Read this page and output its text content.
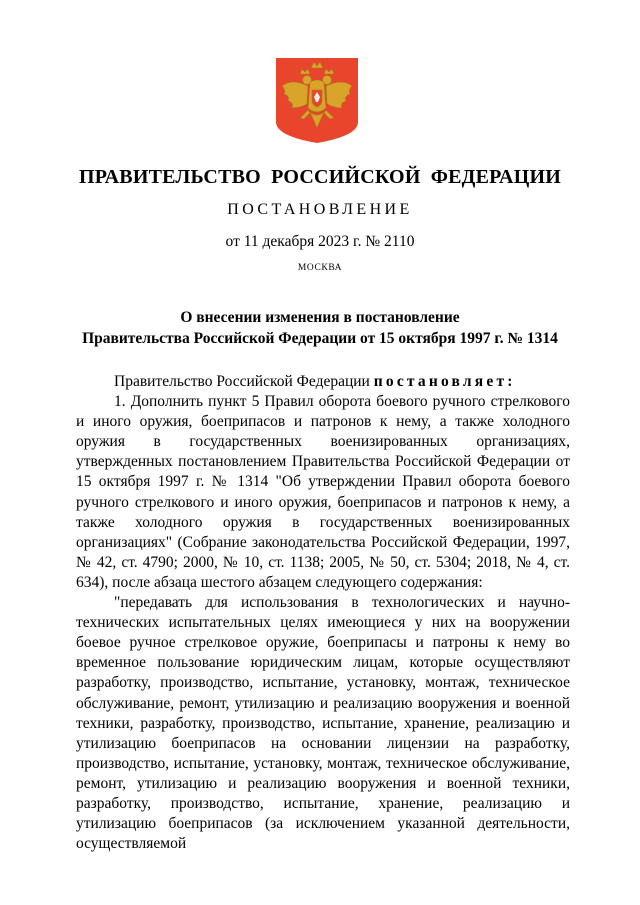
ПРАВИТЕЛЬСТВО РОССИЙСКОЙ ФЕДЕРАЦИИ
ПОСТАНОВЛЕНИЕ
от 11 декабря 2023 г. № 2110
МОСКВА
О внесении изменения в постановление
Правительства Российской Федерации от 15 октября 1997 г. № 1314

Правительство Российской Федерации постановляет:

1. Дополнить пункт 5 Правил оборота боевого ручного стрелкового и иного оружия, боеприпасов и патронов к нему, а также холодного оружия в государственных военизированных организациях, утвержденных постановлением Правительства Российской Федерации от 15 октября 1997 г. № 1314 "Об утверждении Правил оборота боевого ручного стрелкового и иного оружия, боеприпасов и патронов к нему, а также холодного оружия в государственных военизированных организациях" (Собрание законодательства Российской Федерации, 1997, № 42, ст. 4790; 2000, № 10, ст. 1138; 2005, № 50, ст. 5304; 2018, № 4, ст. 634), после абзаца шестого абзацем следующего содержания:

"передавать для использования в технологических и научно-технических испытательных целях имеющиеся у них на вооружении боевое ручное стрелковое оружие, боеприпасы и патроны к нему во временное пользование юридическим лицам, которые осуществляют разработку, производство, испытание, установку, монтаж, техническое обслуживание, ремонт, утилизацию и реализацию вооружения и военной техники, разработку, производство, испытание, хранение, реализацию и утилизацию боеприпасов на основании лицензии на разработку, производство, испытание, установку, монтаж, техническое обслуживание, ремонт, утилизацию и реализацию вооружения и военной техники, разработку, производство, испытание, хранение, реализацию и утилизацию боеприпасов (за исключением указанной деятельности, осуществляемой
